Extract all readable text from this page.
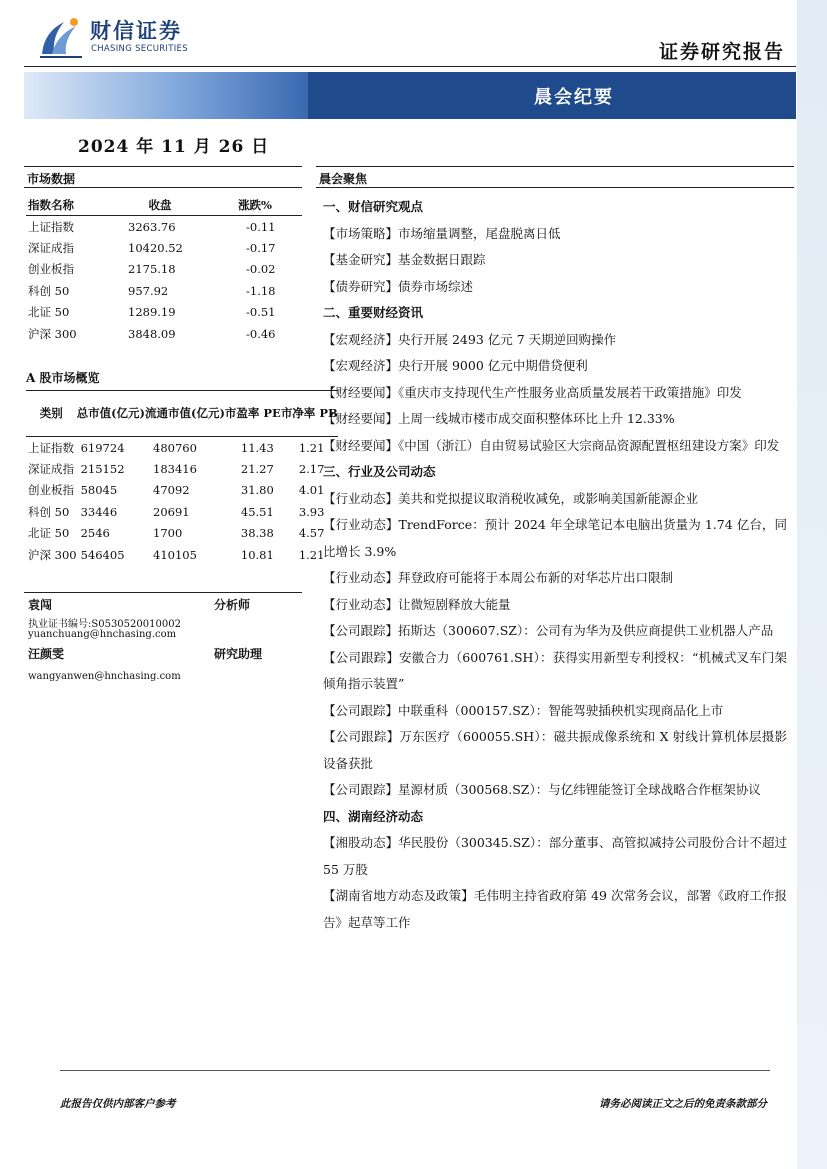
财信证券
CHASING SECURITIES	证券研究报告
晨会纪要
2024 年 11 月 26 日
市场数据
指数名称	收盘	涨跌%
上证指数	3263.76	-0.11
深证成指	10420.52	-0.17
创业板指	2175.18	-0.02
科创 50	957.92	-1.18
北证 50	1289.19	-0.51
沪深 300	3848.09	-0.46
A 股市场概览
类别	总市值(亿元)	流通市值(亿元)	市盈率 PE	市净率 PB
上证指数	619724	480760	11.43	1.21
深证成指	215152	183416	21.27	2.17
创业板指	58045	47092	31.80	4.01
科创 50	33446	20691	45.51	3.93
北证 50	2546	1700	38.38	4.57
沪深 300	546405	410105	10.81	1.21
袁闯	分析师
执业证书编号:S0530520010002
yuanchuang@hnchasing.com
汪颜雯	研究助理
wangyanwen@hnchasing.com
晨会聚焦
一、财信研究观点
【市场策略】市场缩量调整，尾盘脱离日低
【基金研究】基金数据日跟踪
【债券研究】债券市场综述
二、重要财经资讯
【宏观经济】央行开展 2493 亿元 7 天期逆回购操作
【宏观经济】央行开展 9000 亿元中期借贷便利
【财经要闻】《重庆市支持现代生产性服务业高质量发展若干政策措施》印发
【财经要闻】上周一线城市楼市成交面积整体环比上升 12.33%
【财经要闻】《中国（浙江）自由贸易试验区大宗商品资源配置枢纽建设方案》印发
三、行业及公司动态
【行业动态】美共和党拟提议取消税收减免，或影响美国新能源企业
【行业动态】TrendForce：预计 2024 年全球笔记本电脑出货量为 1.74 亿台，同比增长 3.9%
【行业动态】拜登政府可能将于本周公布新的对华芯片出口限制
【行业动态】让微短剧释放大能量
【公司跟踪】拓斯达（300607.SZ）：公司有为华为及供应商提供工业机器人产品
【公司跟踪】安徽合力（600761.SH）：获得实用新型专利授权：“机械式叉车门架倾角指示装置”
【公司跟踪】中联重科（000157.SZ）：智能驾驶插秧机实现商品化上市
【公司跟踪】万东医疗（600055.SH）：磁共振成像系统和 X 射线计算机体层摄影设备获批
【公司跟踪】星源材质（300568.SZ）：与亿纬锂能签订全球战略合作框架协议
四、湖南经济动态
【湘股动态】华民股份（300345.SZ）：部分董事、高管拟减持公司股份合计不超过 55 万股
【湖南省地方动态及政策】毛伟明主持省政府第 49 次常务会议，部署《政府工作报告》起草等工作
此报告仅供内部客户参考	请务必阅读正文之后的免责条款部分
